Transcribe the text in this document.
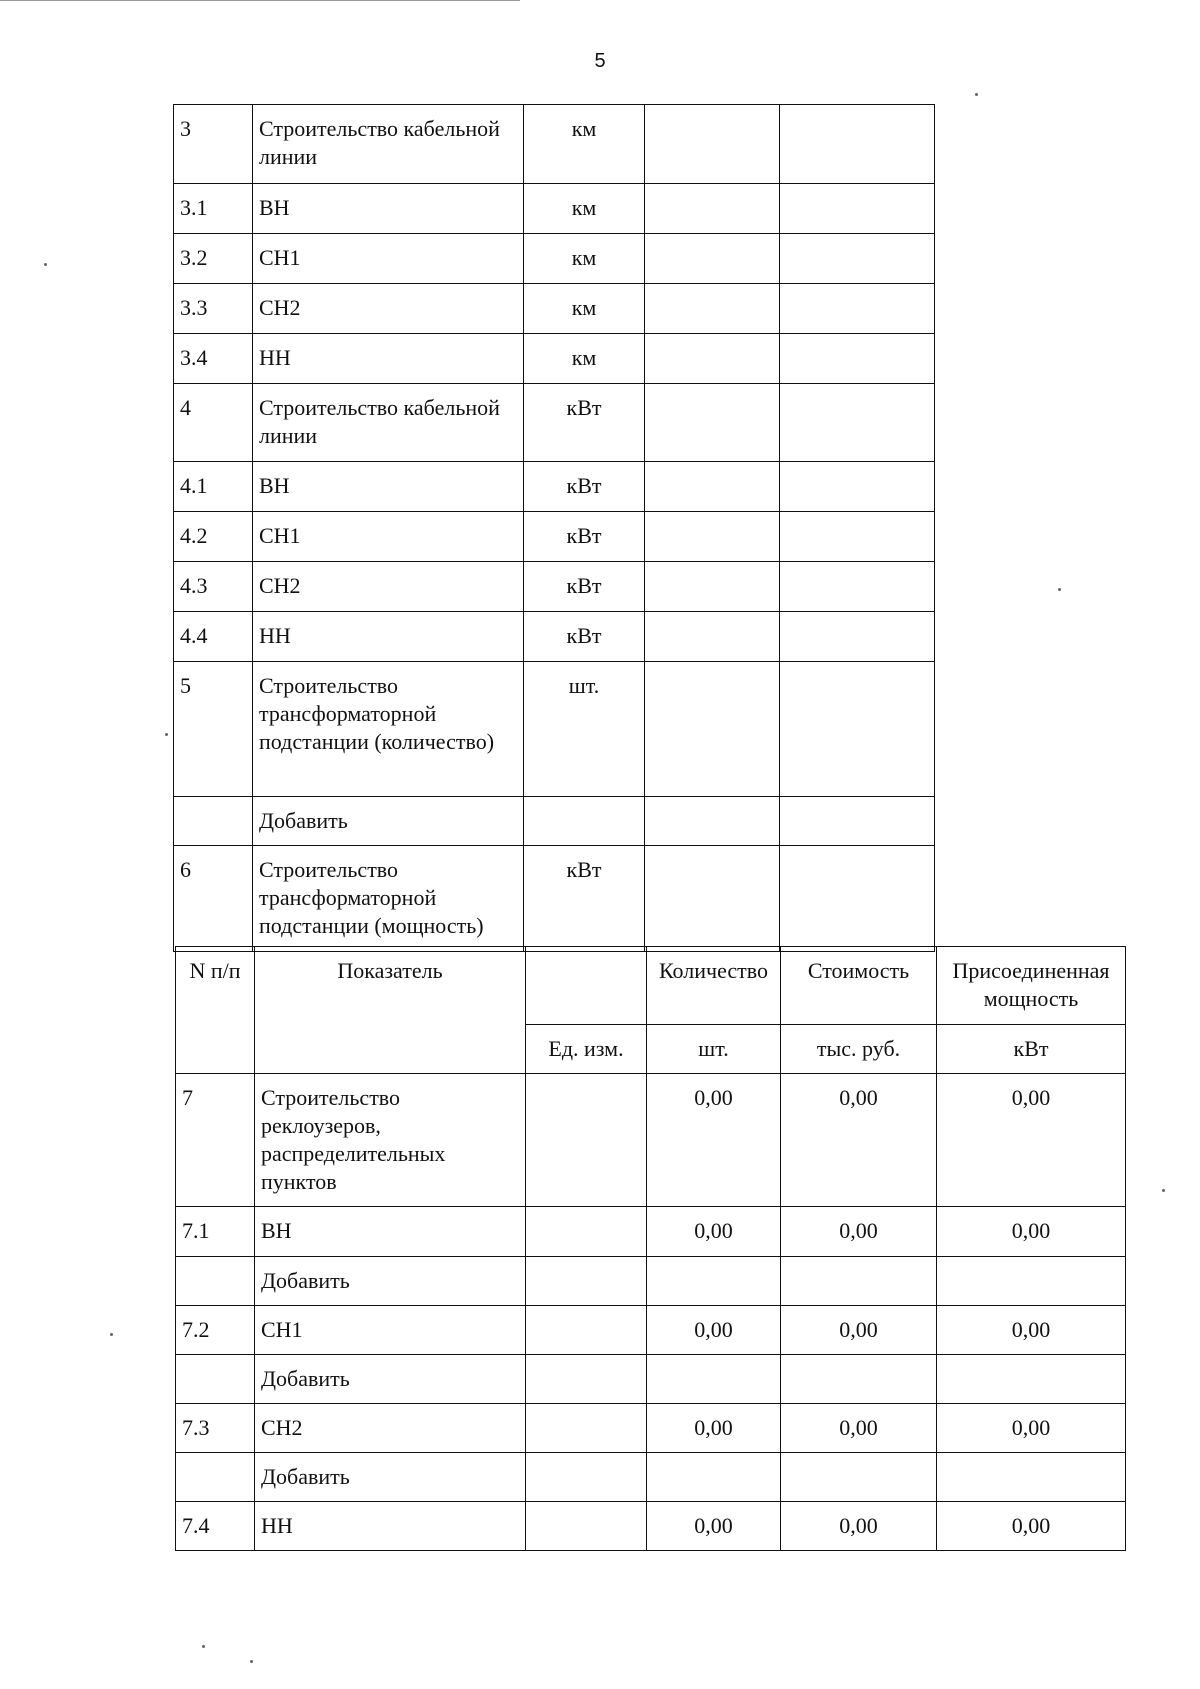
5
3	Строительство кабельной линии	км		
3.1	ВН	км		
3.2	СН1	км		
3.3	СН2	км		
3.4	НН	км		
4	Строительство кабельной линии	кВт		
4.1	ВН	кВт		
4.2	СН1	кВт		
4.3	СН2	кВт		
4.4	НН	кВт		
5	Строительство трансформаторной подстанции (количество)	шт.		
	Добавить			
6	Строительство трансформаторной подстанции (мощность)	кВт		
N п/п	Показатель		Количество	Стоимость	Присоединенная мощность
		Ед. изм.	шт.	тыс. руб.	кВт
7	Строительство реклоузеров, распределительных пунктов		0,00	0,00	0,00
7.1	ВН		0,00	0,00	0,00
	Добавить				
7.2	СН1		0,00	0,00	0,00
	Добавить				
7.3	СН2		0,00	0,00	0,00
	Добавить				
7.4	НН		0,00	0,00	0,00
